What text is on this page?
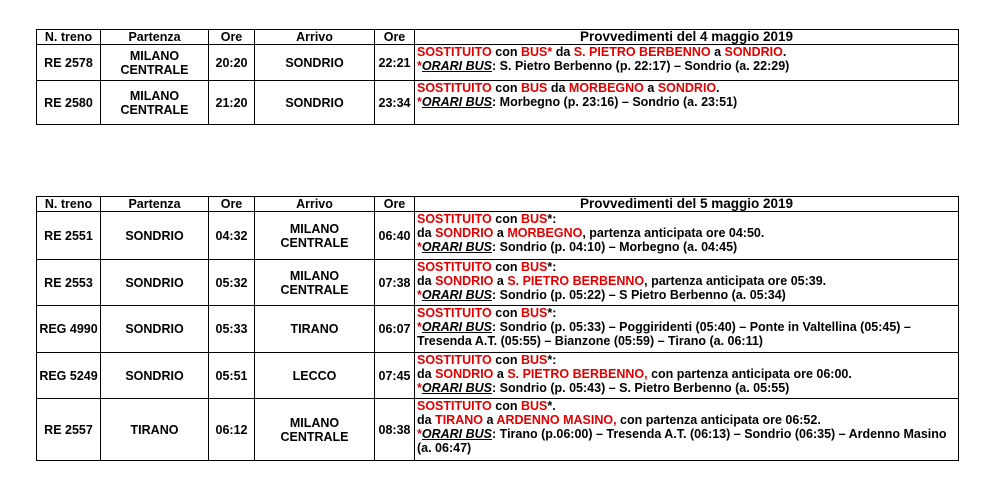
N. treno	Partenza	Ore	Arrivo	Ore	Provvedimenti del 4 maggio 2019
RE 2578	MILANO CENTRALE	20:20	SONDRIO	22:21	SOSTITUITO con BUS* da S. PIETRO BERBENNO a SONDRIO.
*ORARI BUS: S. Pietro Berbenno (p. 22:17) – Sondrio (a. 22:29)

RE 2580	MILANO CENTRALE	21:20	SONDRIO	23:34	SOSTITUITO con BUS da MORBEGNO a SONDRIO.
*ORARI BUS: Morbegno (p. 23:16) – Sondrio (a. 23:51)
N. treno	Partenza	Ore	Arrivo	Ore	Provvedimenti del 5 maggio 2019
RE 2551	SONDRIO	04:32	MILANO CENTRALE	06:40	SOSTITUITO con BUS*:
da SONDRIO a MORBEGNO, partenza anticipata ore 04:50.
*ORARI BUS: Sondrio (p. 04:10) – Morbegno (a. 04:45)

RE 2553	SONDRIO	05:32	MILANO CENTRALE	07:38	SOSTITUITO con BUS*:
da SONDRIO a S. PIETRO BERBENNO, partenza anticipata ore 05:39.
*ORARI BUS: Sondrio (p. 05:22) – S Pietro Berbenno (a. 05:34)

REG 4990	SONDRIO	05:33	TIRANO	06:07	SOSTITUITO con BUS*:
*ORARI BUS: Sondrio (p. 05:33) – Poggiridenti (05:40) – Ponte in Valtellina (05:45) – Tresenda A.T. (05:55) – Bianzone (05:59) – Tirano (a. 06:11)

REG 5249	SONDRIO	05:51	LECCO	07:45	SOSTITUITO con BUS*:
da SONDRIO a S. PIETRO BERBENNO, con partenza anticipata ore 06:00.
*ORARI BUS: Sondrio (p. 05:43) – S. Pietro Berbenno (a. 05:55)

RE 2557	TIRANO	06:12	MILANO CENTRALE	08:38	SOSTITUITO con BUS*.
da TIRANO a ARDENNO MASINO, con partenza anticipata ore 06:52.
*ORARI BUS: Tirano (p.06:00) – Tresenda A.T. (06:13) – Sondrio (06:35) – Ardenno Masino (a. 06:47)
